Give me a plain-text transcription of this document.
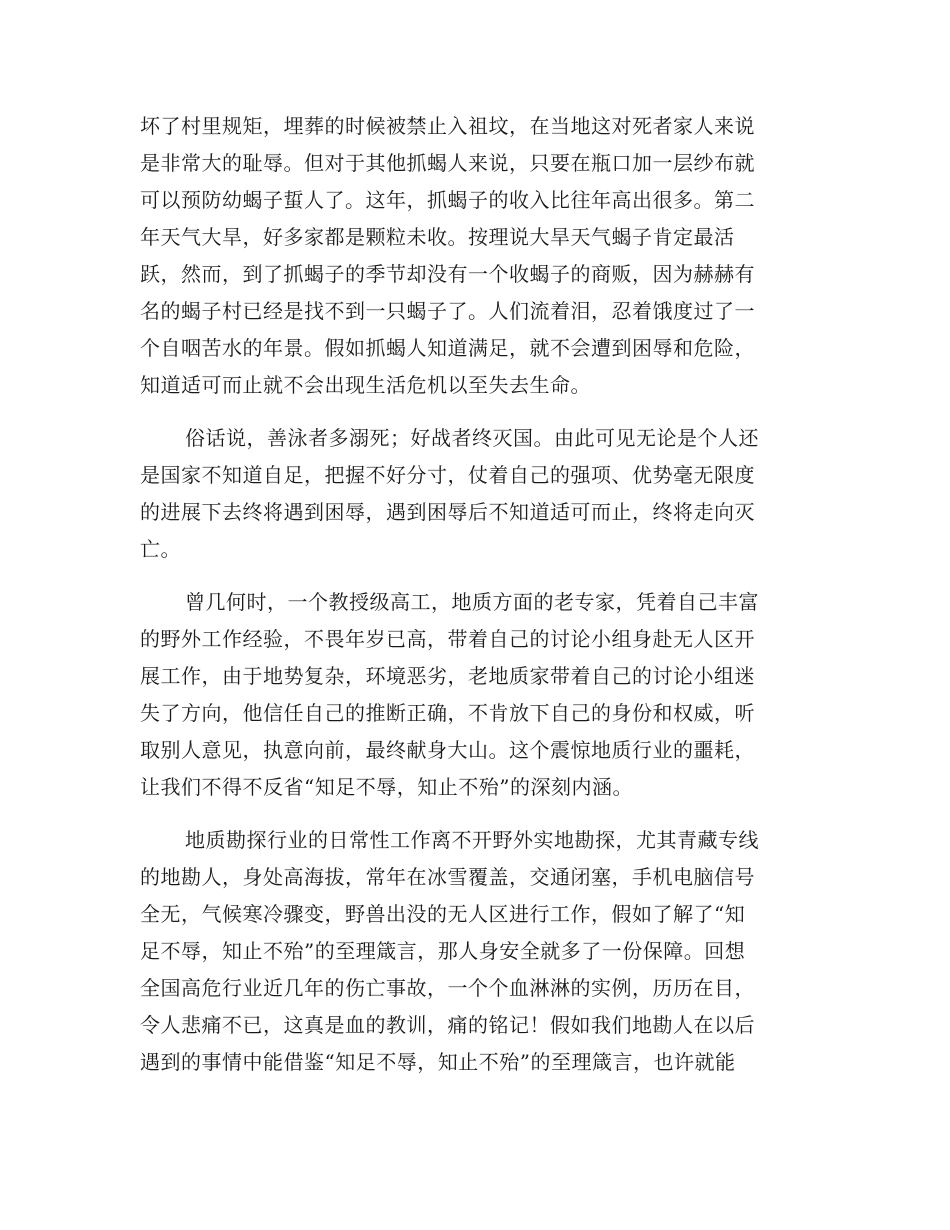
坏了村里规矩，埋葬的时候被禁止入祖坟，在当地这对死者家人来说
是非常大的耻辱。但对于其他抓蝎人来说，只要在瓶口加一层纱布就
可以预防幼蝎子蜇人了。这年，抓蝎子的收入比往年高出很多。第二
年天气大旱，好多家都是颗粒未收。按理说大旱天气蝎子肯定最活
跃，然而，到了抓蝎子的季节却没有一个收蝎子的商贩，因为赫赫有
名的蝎子村已经是找不到一只蝎子了。人们流着泪，忍着饿度过了一
个自咽苦水的年景。假如抓蝎人知道满足，就不会遭到困辱和危险，
知道适可而止就不会出现生活危机以至失去生命。
俗话说，善泳者多溺死；好战者终灭国。由此可见无论是个人还
是国家不知道自足，把握不好分寸，仗着自己的强项、优势毫无限度
的进展下去终将遇到困辱，遇到困辱后不知道适可而止，终将走向灭
亡。
曾几何时，一个教授级高工，地质方面的老专家，凭着自己丰富
的野外工作经验，不畏年岁已高，带着自己的讨论小组身赴无人区开
展工作，由于地势复杂，环境恶劣，老地质家带着自己的讨论小组迷
失了方向，他信任自己的推断正确，不肯放下自己的身份和权威，听
取别人意见，执意向前，最终献身大山。这个震惊地质行业的噩耗，
让我们不得不反省“知足不辱，知止不殆”的深刻内涵。
地质勘探行业的日常性工作离不开野外实地勘探，尤其青藏专线
的地勘人，身处高海拔，常年在冰雪覆盖，交通闭塞，手机电脑信号
全无，气候寒冷骤变，野兽出没的无人区进行工作，假如了解了“知
足不辱，知止不殆”的至理箴言，那人身安全就多了一份保障。回想
全国高危行业近几年的伤亡事故，一个个血淋淋的实例，历历在目，
令人悲痛不已，这真是血的教训，痛的铭记！假如我们地勘人在以后
遇到的事情中能借鉴“知足不辱，知止不殆”的至理箴言，也许就能
